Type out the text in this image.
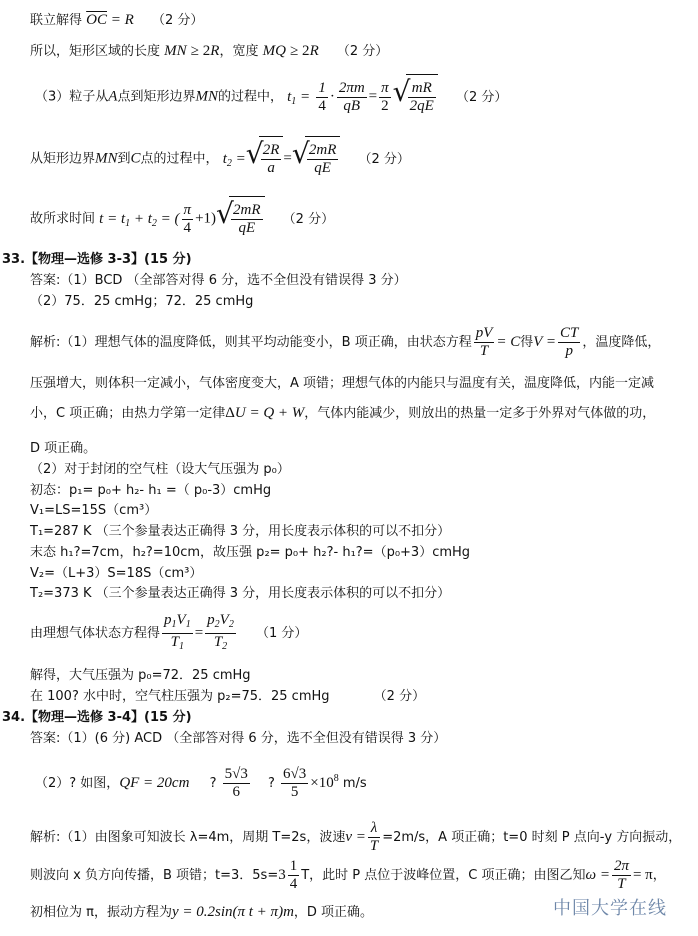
联立解得 $\overline{OC} = R$ （2 分）
所以，矩形区域的长度 MN ≥ 2R，宽度 MQ ≥ 2R （2 分）
（3）粒子从A点到矩形边界MN的过程中， $t_1 = \frac{1}{4} \cdot \frac{2\pi m}{qB} = \frac{\pi}{2}$ √ $\frac{mR}{2qE} (2$ 分）
从矩形边界MN到C点的过程中， $t_2$ = √ $\frac{2R}{a}$ = √ $\frac{2mR}{qE} (2$ 分）
故所求时间 $t = t_1 + t_2$ = ( $\frac{\pi}{4} +1$) √ $\frac{2mR}{qE} (2$ 分）
33.【物理—选修 3-3】(15 分)
答案:（1）BCD （全部答对得 6 分，选不全但没有错误得 3 分）
（2）75．25 cmHg；72．25 cmHg
解析:（1）理想气体的温度降低，则其平均动能变小，B 项正确，由状态方程 $\frac{pV}{T} = C$得$V = \frac{CT}{p}$ ，温度降低，
压强增大，则体积一定减小，气体密度变大，A 项错；理想气体的内能只与温度有关，温度降低，内能一定减
小，C 项正确；由热力学第一定律ΔU = Q + W，气体内能减少，则放出的热量一定多于外界对气体做的功，
D 项正确。
（2）对于封闭的空气柱（设大气压强为 p₀）
初态：p₁= p₀+ h₂- h₁ =（ p₀-3）cmHg
V₁=LS=15S（cm³）
T₁=287 K （三个参量表达正确得 3 分，用长度表示体积的可以不扣分）
末态 h₁?=7cm，h₂?=10cm，故压强 p₂= p₀+ h₂?- h₁?=（p₀+3）cmHg
V₂=（L+3）S=18S（cm³）
T₂=373 K （三个参量表达正确得 3 分，用长度表示体积的可以不扣分）
由理想气体状态方程得 $\frac{p_1V_1}{T_1} = \frac{p_2V_2}{T_2} (1$ 分）
解得，大气压强为 p₀=72．25 cmHg
在 100? 水中时，空气柱压强为 p₂=75．25 cmHg	（2 分）
34.【物理—选修 3-4】(15 分)
答案:（1）(6 分) ACD （全部答对得 6 分，选不全但没有错误得 3 分）
（2）? 如图，QF = 20cm ? $\frac{5√3}{6}$ ? $\frac{6√3}{5} \times 10^8$ m/s
解析:（1）由图象可知波长 λ=4m，周期 T=2s，波速$v = \frac{\lambda}{T} =2m/s$，A 项正确；t=0 时刻 P 点向-y 方向振动，
则波向 x 负方向传播，B 项错；t=3．$5s=3 \frac{1}{4}$ T，此时 P 点位于波峰位置，C 项正确；由图乙知$\omega = \frac{2\pi}{T} = \pi$，
初相位为 π，振动方程为y = 0.2sin(π t + π)m，D 项正确。	中国大学在线
